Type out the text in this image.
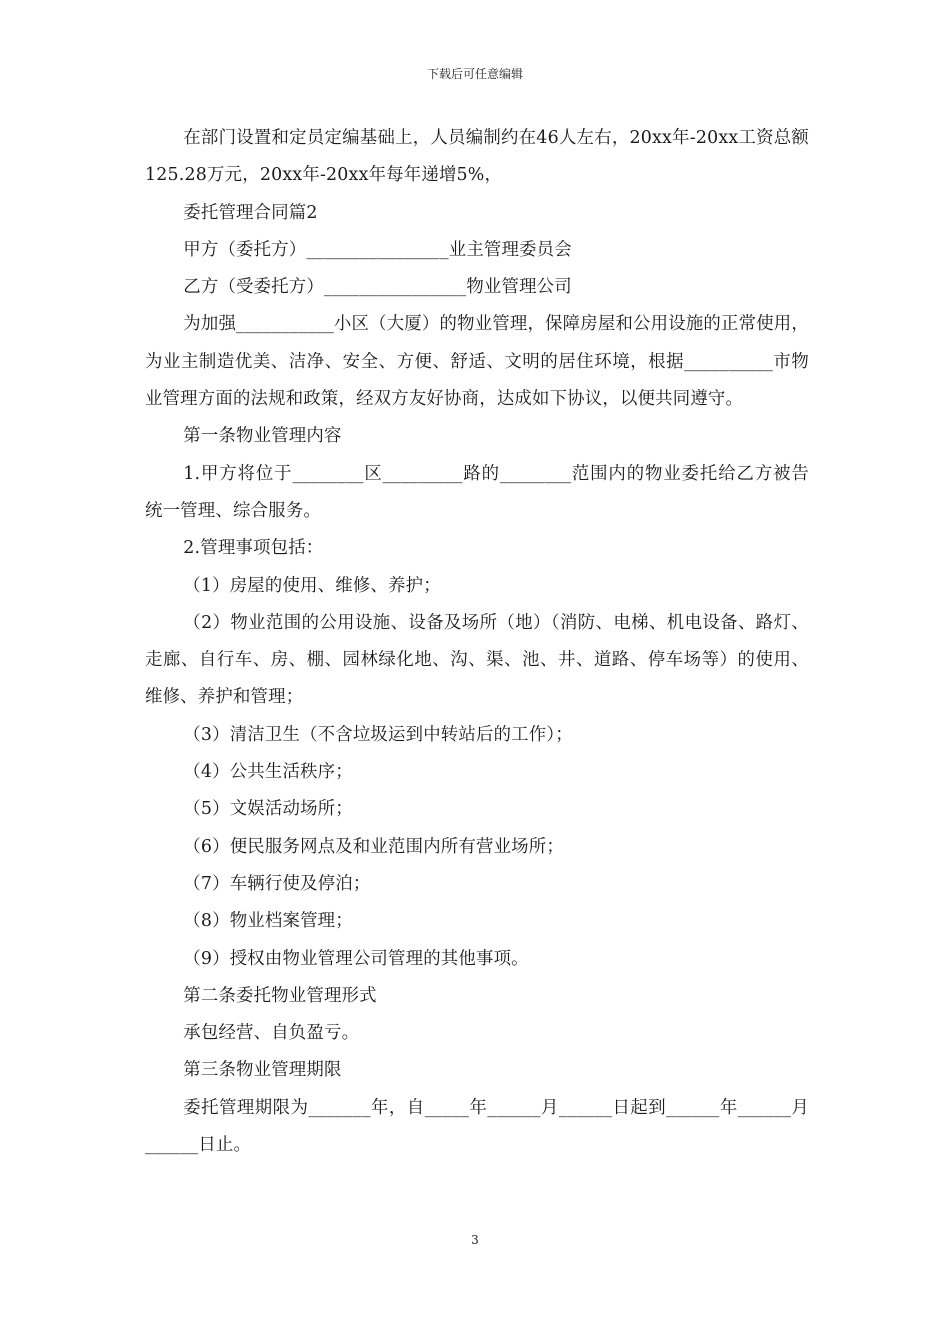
下载后可任意编辑

在部门设置和定员定编基础上，人员编制约在46人左右，20xx年-20xx工资总额125.28万元，20xx年-20xx年每年递增5%，

委托管理合同篇2

甲方（委托方）________________业主管理委员会

乙方（受委托方）________________物业管理公司

为加强___________小区（大厦）的物业管理，保障房屋和公用设施的正常使用，为业主制造优美、洁净、安全、方便、舒适、文明的居住环境，根据__________市物业管理方面的法规和政策，经双方友好协商，达成如下协议，以便共同遵守。

第一条物业管理内容

1.甲方将位于________区_________路的________范围内的物业委托给乙方被告统一管理、综合服务。

2.管理事项包括：

（1）房屋的使用、维修、养护；

（2）物业范围的公用设施、设备及场所（地）（消防、电梯、机电设备、路灯、走廊、自行车、房、棚、园林绿化地、沟、渠、池、井、道路、停车场等）的使用、维修、养护和管理；

（3）清洁卫生（不含垃圾运到中转站后的工作）；

（4）公共生活秩序；

（5）文娱活动场所；

（6）便民服务网点及和业范围内所有营业场所；

（7）车辆行使及停泊；

（8）物业档案管理；

（9）授权由物业管理公司管理的其他事项。

第二条委托物业管理形式

承包经营、自负盈亏。

第三条物业管理期限

委托管理期限为_______年，自_____年______月______日起到______年______月______日止。

3
